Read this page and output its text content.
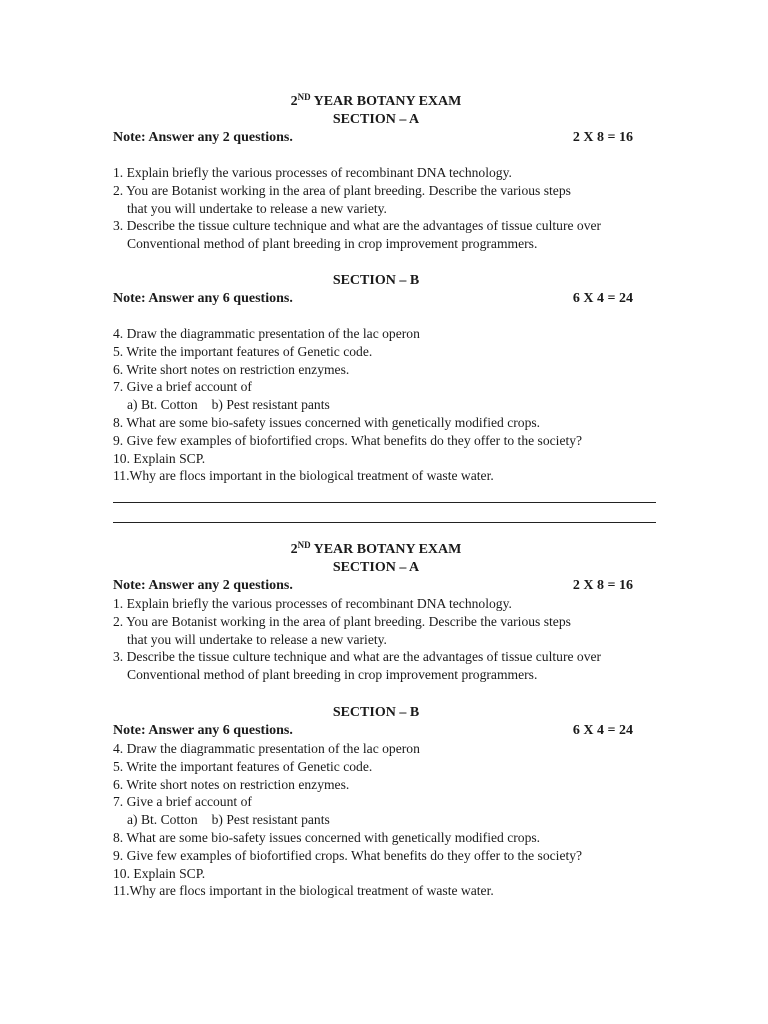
2ND YEAR BOTANY EXAM
SECTION – A
Note: Answer any 2 questions.	2 X 8 = 16
1. Explain briefly the various processes of recombinant DNA technology.
2. You are Botanist working in the area of plant breeding. Describe the various steps
that you will undertake to release a new variety.
3. Describe the tissue culture technique and what are the advantages of tissue culture over
Conventional method of plant breeding in crop improvement programmers.
SECTION – B
Note: Answer any 6 questions.	6 X 4 = 24
4. Draw the diagrammatic presentation of the lac operon
5. Write the important features of Genetic code.
6. Write short notes on restriction enzymes.
7. Give a brief account of
a) Bt. Cotton b) Pest resistant pants
8. What are some bio-safety issues concerned with genetically modified crops.
9. Give few examples of biofortified crops. What benefits do they offer to the society?
10. Explain SCP.
11.Why are flocs important in the biological treatment of waste water.
2ND YEAR BOTANY EXAM
SECTION – A
Note: Answer any 2 questions.	2 X 8 = 16
1. Explain briefly the various processes of recombinant DNA technology.
2. You are Botanist working in the area of plant breeding. Describe the various steps
that you will undertake to release a new variety.
3. Describe the tissue culture technique and what are the advantages of tissue culture over
Conventional method of plant breeding in crop improvement programmers.
SECTION – B
Note: Answer any 6 questions.	6 X 4 = 24
4. Draw the diagrammatic presentation of the lac operon
5. Write the important features of Genetic code.
6. Write short notes on restriction enzymes.
7. Give a brief account of
a) Bt. Cotton b) Pest resistant pants
8. What are some bio-safety issues concerned with genetically modified crops.
9. Give few examples of biofortified crops. What benefits do they offer to the society?
10. Explain SCP.
11.Why are flocs important in the biological treatment of waste water.
